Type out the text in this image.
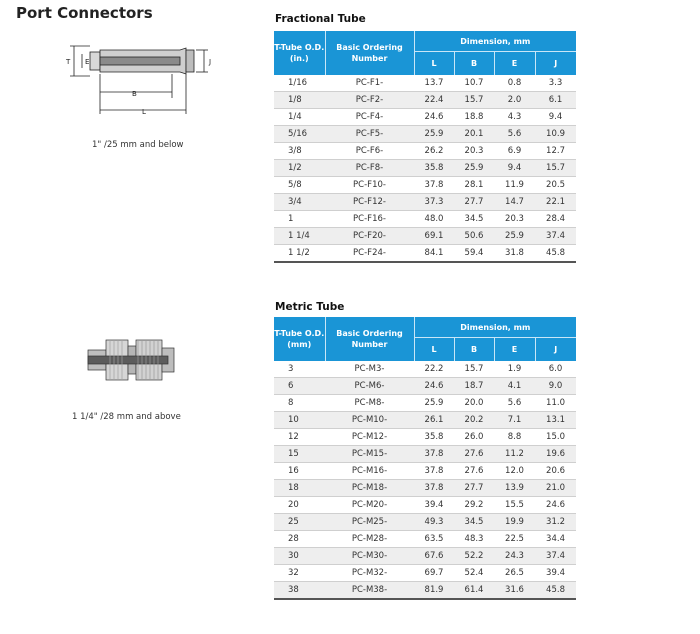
Port Connectors
T E	J
B
L
1" /25 mm and below
1 1/4" /28 mm and above
Fractional Tube
T-Tube O.D. (in.)	Basic Ordering Number	Dimension, mm			
		L	B	E	J
1/16	PC-F1-	13.7	10.7	0.8	3.3
1/8	PC-F2-	22.4	15.7	2.0	6.1
1/4	PC-F4-	24.6	18.8	4.3	9.4
5/16	PC-F5-	25.9	20.1	5.6	10.9
3/8	PC-F6-	26.2	20.3	6.9	12.7
1/2	PC-F8-	35.8	25.9	9.4	15.7
5/8	PC-F10-	37.8	28.1	11.9	20.5
3/4	PC-F12-	37.3	27.7	14.7	22.1
1	PC-F16-	48.0	34.5	20.3	28.4
1 1/4	PC-F20-	69.1	50.6	25.9	37.4
1 1/2	PC-F24-	84.1	59.4	31.8	45.8
Metric Tube
T-Tube O.D. (mm)	Basic Ordering Number	Dimension, mm			
		L	B	E	J
3	PC-M3-	22.2	15.7	1.9	6.0
6	PC-M6-	24.6	18.7	4.1	9.0
8	PC-M8-	25.9	20.0	5.6	11.0
10	PC-M10-	26.1	20.2	7.1	13.1
12	PC-M12-	35.8	26.0	8.8	15.0
15	PC-M15-	37.8	27.6	11.2	19.6
16	PC-M16-	37.8	27.6	12.0	20.6
18	PC-M18-	37.8	27.7	13.9	21.0
20	PC-M20-	39.4	29.2	15.5	24.6
25	PC-M25-	49.3	34.5	19.9	31.2
28	PC-M28-	63.5	48.3	22.5	34.4
30	PC-M30-	67.6	52.2	24.3	37.4
32	PC-M32-	69.7	52.4	26.5	39.4
38	PC-M38-	81.9	61.4	31.6	45.8
